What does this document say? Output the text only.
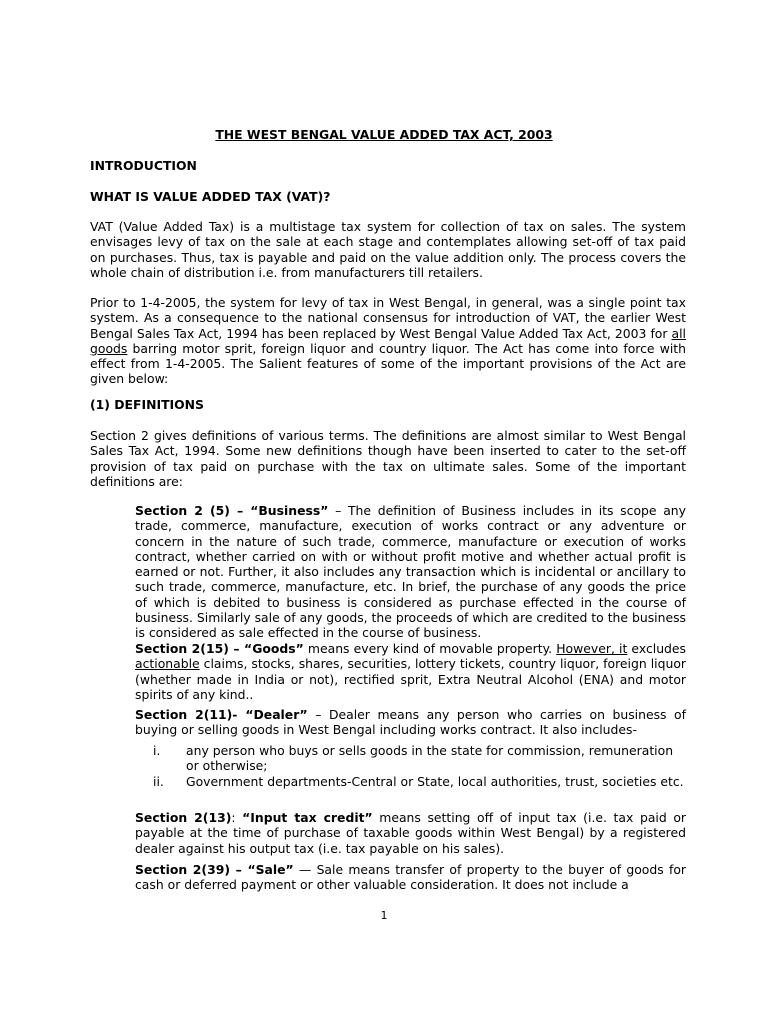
THE WEST BENGAL VALUE ADDED TAX ACT, 2003
INTRODUCTION
WHAT IS VALUE ADDED TAX (VAT)?

VAT (Value Added Tax) is a multistage tax system for collection of tax on sales. The system envisages levy of tax on the sale at each stage and contemplates allowing set-off of tax paid on purchases. Thus, tax is payable and paid on the value addition only. The process covers the whole chain of distribution i.e. from manufacturers till retailers.

Prior to 1-4-2005, the system for levy of tax in West Bengal, in general, was a single point tax system. As a consequence to the national consensus for introduction of VAT, the earlier West Bengal Sales Tax Act, 1994 has been replaced by West Bengal Value Added Tax Act, 2003 for all goods barring motor sprit, foreign liquor and country liquor. The Act has come into force with effect from 1-4-2005. The Salient features of some of the important provisions of the Act are given below:

(1) DEFINITIONS

Section 2 gives definitions of various terms. The definitions are almost similar to West Bengal Sales Tax Act, 1994. Some new definitions though have been inserted to cater to the set-off provision of tax paid on purchase with the tax on ultimate sales. Some of the important definitions are:

Section 2 (5) – “Business” – The definition of Business includes in its scope any trade, commerce, manufacture, execution of works contract or any adventure or concern in the nature of such trade, commerce, manufacture or execution of works contract, whether carried on with or without profit motive and whether actual profit is earned or not. Further, it also includes any transaction which is incidental or ancillary to such trade, commerce, manufacture, etc. In brief, the purchase of any goods the price of which is debited to business is considered as purchase effected in the course of business. Similarly sale of any goods, the proceeds of which are credited to the business is considered as sale effected in the course of business.

Section 2(15) – “Goods” means every kind of movable property. However, it excludes actionable claims, stocks, shares, securities, lottery tickets, country liquor, foreign liquor (whether made in India or not), rectified sprit, Extra Neutral Alcohol (ENA) and motor spirits of any kind..

Section 2(11)- “Dealer” – Dealer means any person who carries on business of buying or selling goods in West Bengal including works contract. It also includes-

i.	any person who buys or sells goods in the state for commission, remuneration or otherwise;
ii.	Government departments-Central or State, local authorities, trust, societies etc.

Section 2(13): “Input tax credit” means setting off of input tax (i.e. tax paid or payable at the time of purchase of taxable goods within West Bengal) by a registered dealer against his output tax (i.e. tax payable on his sales).

Section 2(39) – “Sale” — Sale means transfer of property to the buyer of goods for cash or deferred payment or other valuable consideration. It does not include a

1
